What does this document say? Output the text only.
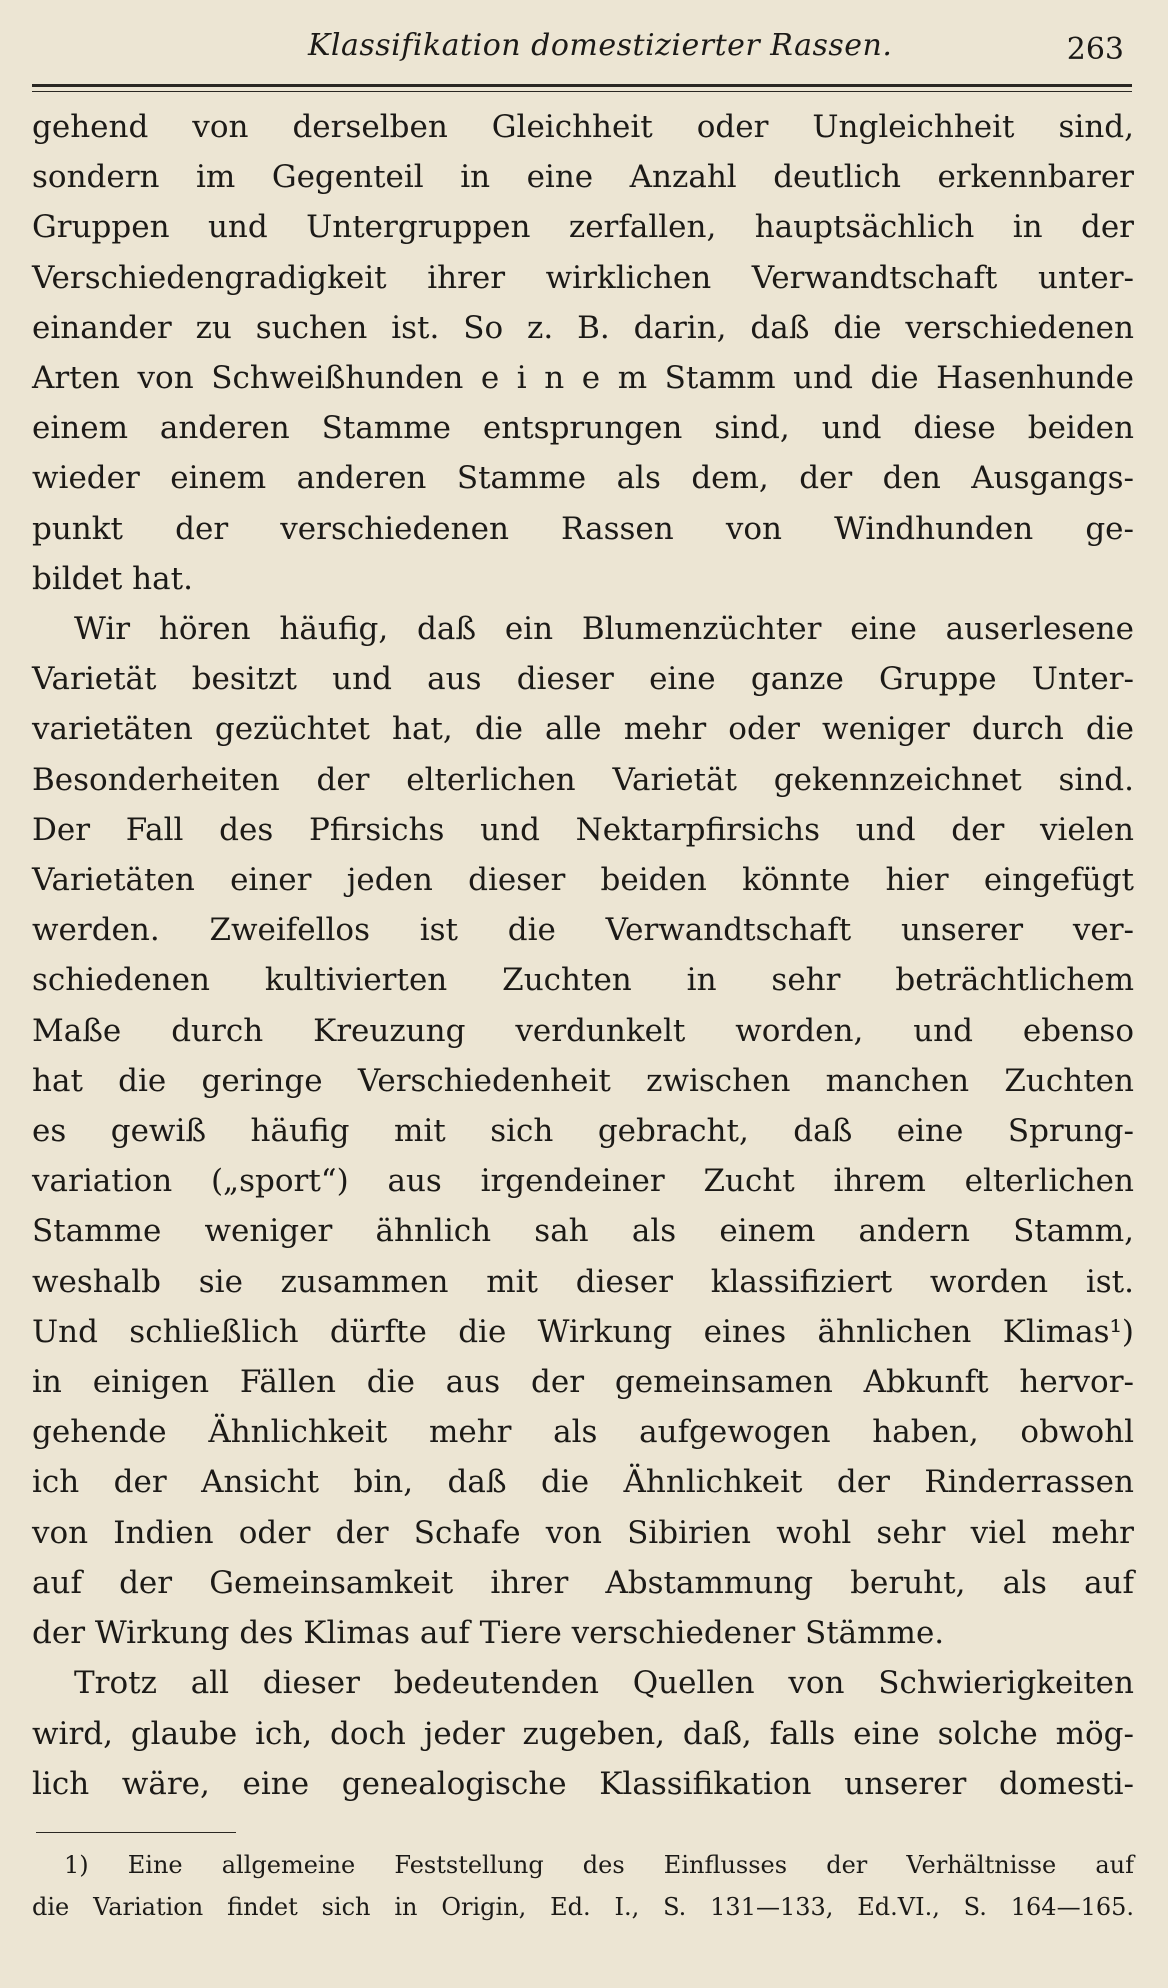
Klassifikation domestizierter Rassen.	263
gehend von derselben Gleichheit oder Ungleichheit sind,
sondern im Gegenteil in eine Anzahl deutlich erkennbarer
Gruppen und Untergruppen zerfallen, hauptsächlich in der
Verschiedengradigkeit ihrer wirklichen Verwandtschaft unter-
einander zu suchen ist. So z. B. darin, daß die verschiedenen
Arten von Schweißhunden e i n e m Stamm und die Hasenhunde
einem anderen Stamme entsprungen sind, und diese beiden
wieder einem anderen Stamme als dem, der den Ausgangs-
punkt der verschiedenen Rassen von Windhunden ge-
bildet hat.
Wir hören häufig, daß ein Blumenzüchter eine auserlesene
Varietät besitzt und aus dieser eine ganze Gruppe Unter-
varietäten gezüchtet hat, die alle mehr oder weniger durch die
Besonderheiten der elterlichen Varietät gekennzeichnet sind.
Der Fall des Pfirsichs und Nektarpfirsichs und der vielen
Varietäten einer jeden dieser beiden könnte hier eingefügt
werden. Zweifellos ist die Verwandtschaft unserer ver-
schiedenen kultivierten Zuchten in sehr beträchtlichem
Maße durch Kreuzung verdunkelt worden, und ebenso
hat die geringe Verschiedenheit zwischen manchen Zuchten
es gewiß häufig mit sich gebracht, daß eine Sprung-
variation („sport“) aus irgendeiner Zucht ihrem elterlichen
Stamme weniger ähnlich sah als einem andern Stamm,
weshalb sie zusammen mit dieser klassifiziert worden ist.
Und schließlich dürfte die Wirkung eines ähnlichen Klimas¹)
in einigen Fällen die aus der gemeinsamen Abkunft hervor-
gehende Ähnlichkeit mehr als aufgewogen haben, obwohl
ich der Ansicht bin, daß die Ähnlichkeit der Rinderrassen
von Indien oder der Schafe von Sibirien wohl sehr viel mehr
auf der Gemeinsamkeit ihrer Abstammung beruht, als auf
der Wirkung des Klimas auf Tiere verschiedener Stämme.
Trotz all dieser bedeutenden Quellen von Schwierigkeiten
wird, glaube ich, doch jeder zugeben, daß, falls eine solche mög-
lich wäre, eine genealogische Klassifikation unserer domesti-
1) Eine allgemeine Feststellung des Einflusses der Verhältnisse auf
die Variation findet sich in Origin, Ed. I., S. 131—133, Ed.VI., S. 164—165.
